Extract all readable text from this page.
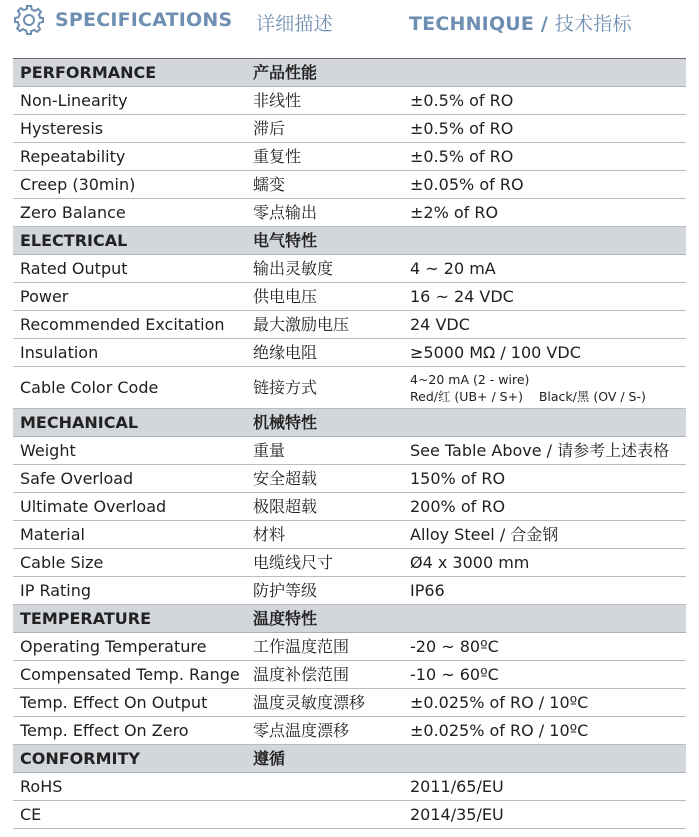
SPECIFICATIONS 详细描述	TECHNIQUE / 技术指标
PERFORMANCE	产品性能	
Non-Linearity	非线性	±0.5% of RO
Hysteresis	滞后	±0.5% of RO
Repeatability	重复性	±0.5% of RO
Creep (30min)	蠕变	±0.05% of RO
Zero Balance	零点输出	±2% of RO
ELECTRICAL	电气特性	
Rated Output	输出灵敏度	4 ~ 20 mA
Power	供电电压	16 ~ 24 VDC
Recommended Excitation	最大激励电压	24 VDC
Insulation	绝缘电阻	≥5000 MΩ / 100 VDC
Cable Color Code	链接方式	4~20 mA (2 - wire)
Red/红 (UB+ / S+)    Black/黑 (OV / S-)

MECHANICAL	机械特性	
Weight	重量	See Table Above / 请参考上述表格
Safe Overload	安全超载	150% of RO
Ultimate Overload	极限超载	200% of RO
Material	材料	Alloy Steel / 合金钢
Cable Size	电缆线尺寸	Ø4 x 3000 mm
IP Rating	防护等级	IP66
TEMPERATURE	温度特性	
Operating Temperature	工作温度范围	-20 ~ 80ºC
Compensated Temp. Range	温度补偿范围	-10 ~ 60ºC
Temp. Effect On Output	温度灵敏度漂移	±0.025% of RO / 10ºC
Temp. Effect On Zero	零点温度漂移	±0.025% of RO / 10ºC
CONFORMITY	遵循	
RoHS		2011/65/EU
CE		2014/35/EU
